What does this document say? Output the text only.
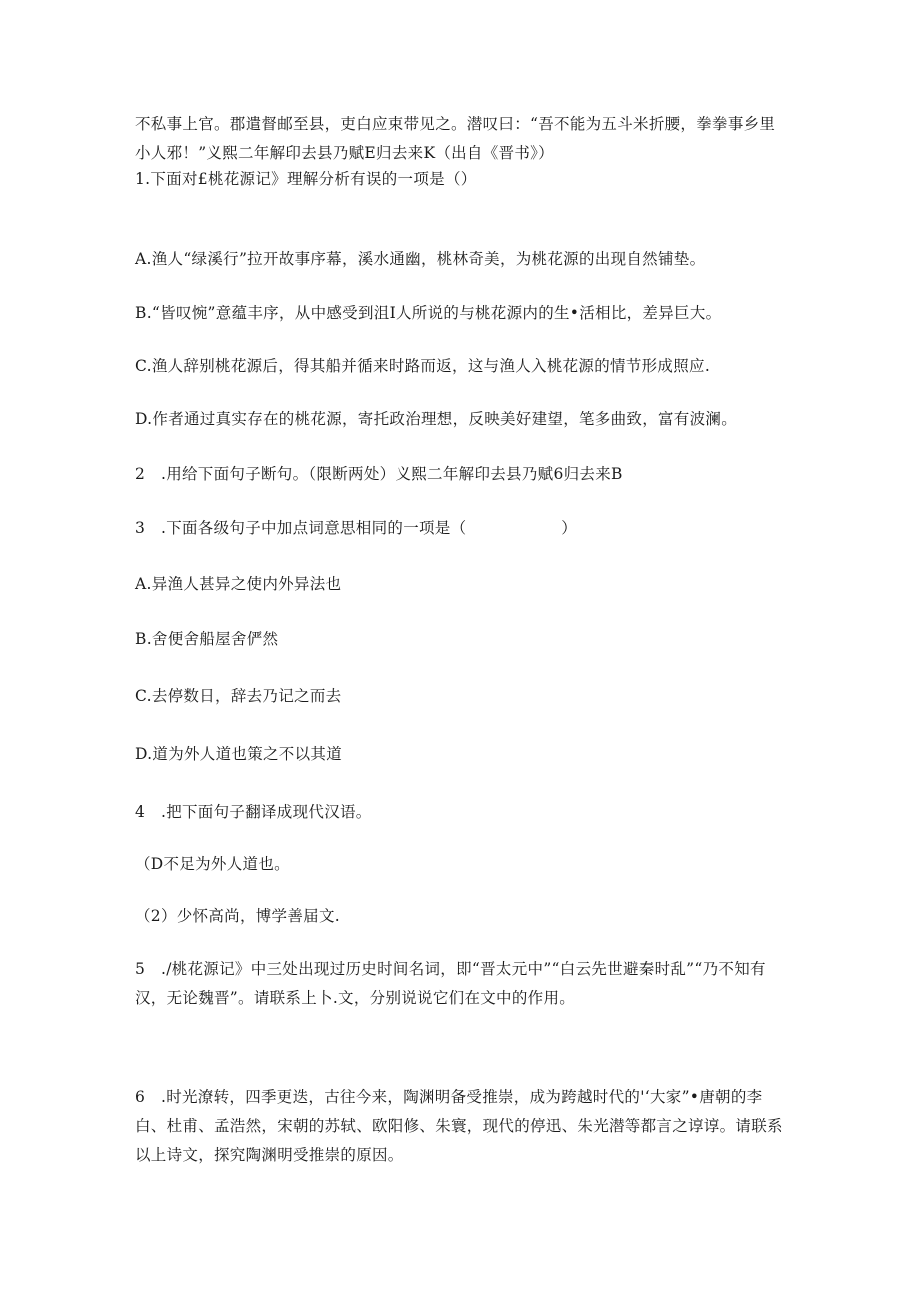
不私事上官。郡遣督邮至县，吏白应束带见之。潜叹曰：“吾不能为五斗米折腰，拳拳事乡里小人邪！”义熙二年解印去县乃赋E归去来K（出自《晋书》）
1.下面对£桃花源记》理解分析有误的一项是（）
A.渔人“绿溪行”拉开故事序幕，溪水通幽，桃林奇美，为桃花源的出现自然铺垫。
B.“皆叹惋”意蕴丰序，从中感受到沮I人所说的与桃花源内的生•活相比，差异巨大。
C.渔人辞别桃花源后，得其船并循来时路而返，这与渔人入桃花源的情节形成照应.
D.作者通过真实存在的桃花源，寄托政治理想，反映美好建望，笔多曲致，富有波澜。
2　.用给下面句子断句。（限断两处）义熙二年解印去县乃赋6归去来B
3　.下面各级句子中加点词意思相同的一项是（　　　　　　）
A.异渔人甚异之使内外异法也
B.舍便舍船屋舍俨然
C.去停数日，辞去乃记之而去
D.道为外人道也策之不以其道
4　.把下面句子翻译成现代汉语。
（D不足为外人道也。
（2）少怀高尚，博学善届文.
5　./桃花源记》中三处出现过历史时间名词，即“晋太元中”“白云先世避秦时乱”“乃不知有汉，无论魏晋”。请联系上卜.文，分别说说它们在文中的作用。
6　.时光潦转，四季更迭，古往今来，陶渊明备受推崇，成为跨越时代的'‘大家”•唐朝的李白、杜甫、孟浩然，宋朝的苏轼、欧阳修、朱寰，现代的停迅、朱光潜等都言之谆谆。请联系以上诗文，探究陶渊明受推崇的原因。
